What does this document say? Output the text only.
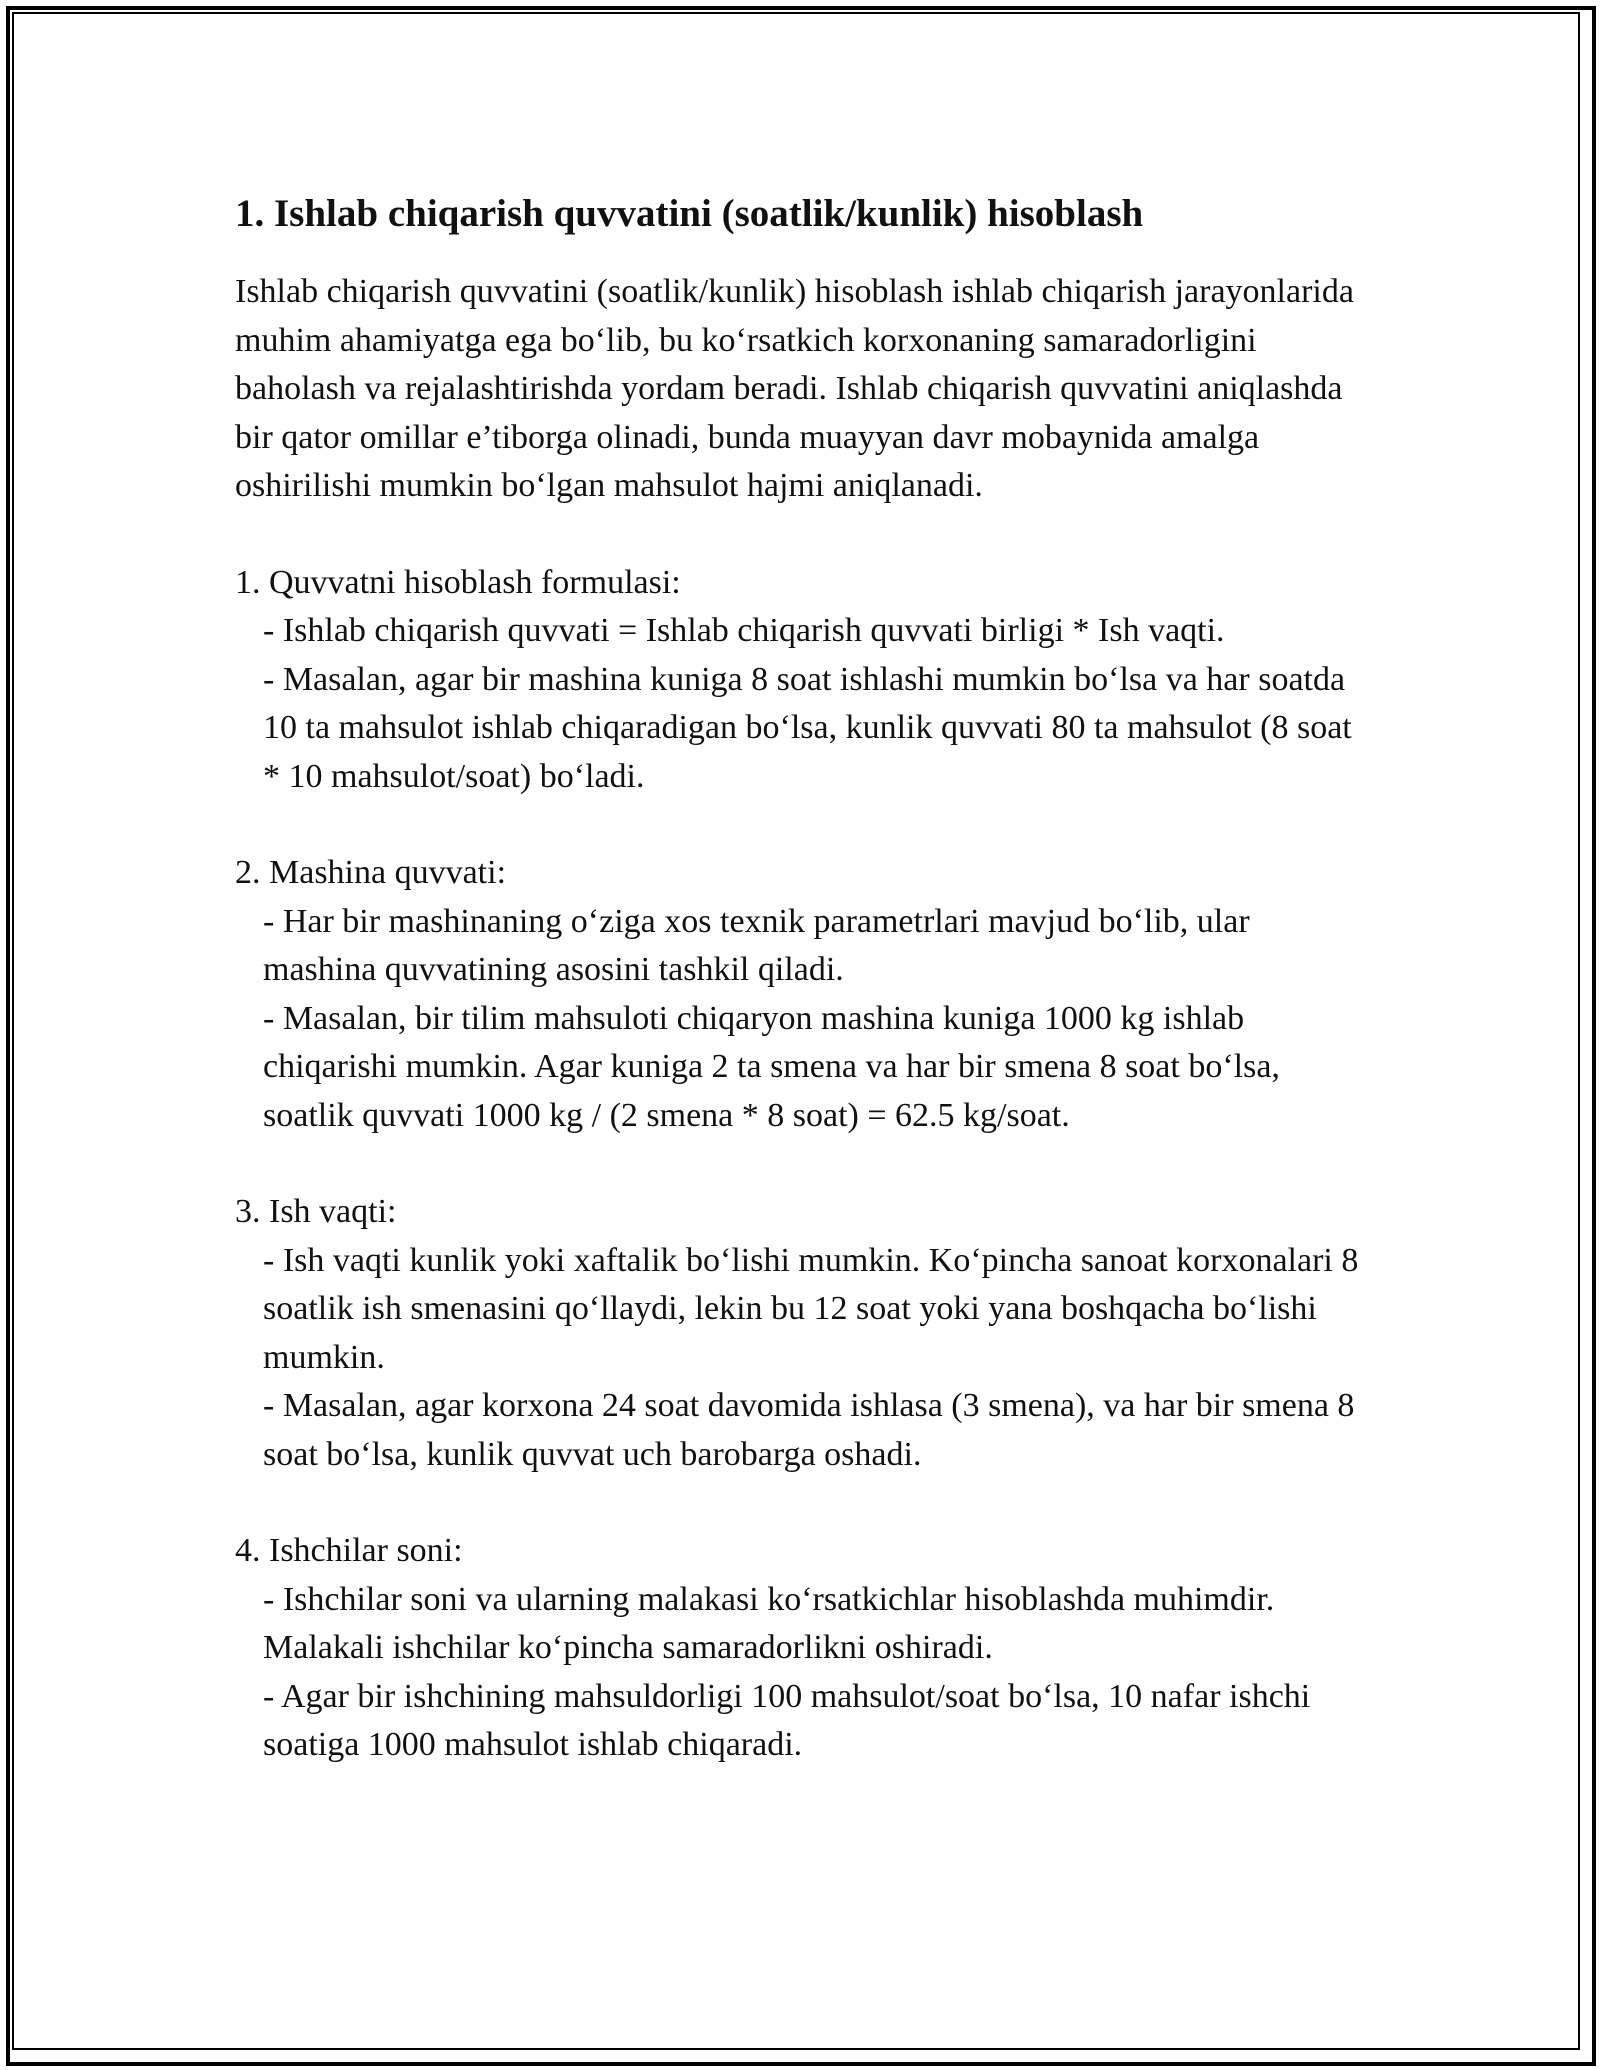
1. Ishlab chiqarish quvvatini (soatlik/kunlik) hisoblash

Ishlab chiqarish quvvatini (soatlik/kunlik) hisoblash ishlab chiqarish jarayonlarida muhim ahamiyatga ega bo‘lib, bu ko‘rsatkich korxonaning samaradorligini baholash va rejalashtirishda yordam beradi. Ishlab chiqarish quvvatini aniqlashda bir qator omillar e’tiborga olinadi, bunda muayyan davr mobaynida amalga oshirilishi mumkin bo‘lgan mahsulot hajmi aniqlanadi.

1. Quvvatni hisoblash formulasi:
- Ishlab chiqarish quvvati = Ishlab chiqarish quvvati birligi * Ish vaqti.
- Masalan, agar bir mashina kuniga 8 soat ishlashi mumkin bo‘lsa va har soatda 10 ta mahsulot ishlab chiqaradigan bo‘lsa, kunlik quvvati 80 ta mahsulot (8 soat * 10 mahsulot/soat) bo‘ladi.
2. Mashina quvvati:
- Har bir mashinaning o‘ziga xos texnik parametrlari mavjud bo‘lib, ular mashina quvvatining asosini tashkil qiladi.
- Masalan, bir tilim mahsuloti chiqaryon mashina kuniga 1000 kg ishlab chiqarishi mumkin. Agar kuniga 2 ta smena va har bir smena 8 soat bo‘lsa, soatlik quvvati 1000 kg / (2 smena * 8 soat) = 62.5 kg/soat.
3. Ish vaqti:
- Ish vaqti kunlik yoki xaftalik bo‘lishi mumkin. Ko‘pincha sanoat korxonalari 8 soatlik ish smenasini qo‘llaydi, lekin bu 12 soat yoki yana boshqacha bo‘lishi mumkin.
- Masalan, agar korxona 24 soat davomida ishlasa (3 smena), va har bir smena 8 soat bo‘lsa, kunlik quvvat uch barobarga oshadi.
4. Ishchilar soni:
- Ishchilar soni va ularning malakasi ko‘rsatkichlar hisoblashda muhimdir. Malakali ishchilar ko‘pincha samaradorlikni oshiradi.
- Agar bir ishchining mahsuldorligi 100 mahsulot/soat bo‘lsa, 10 nafar ishchi soatiga 1000 mahsulot ishlab chiqaradi.
